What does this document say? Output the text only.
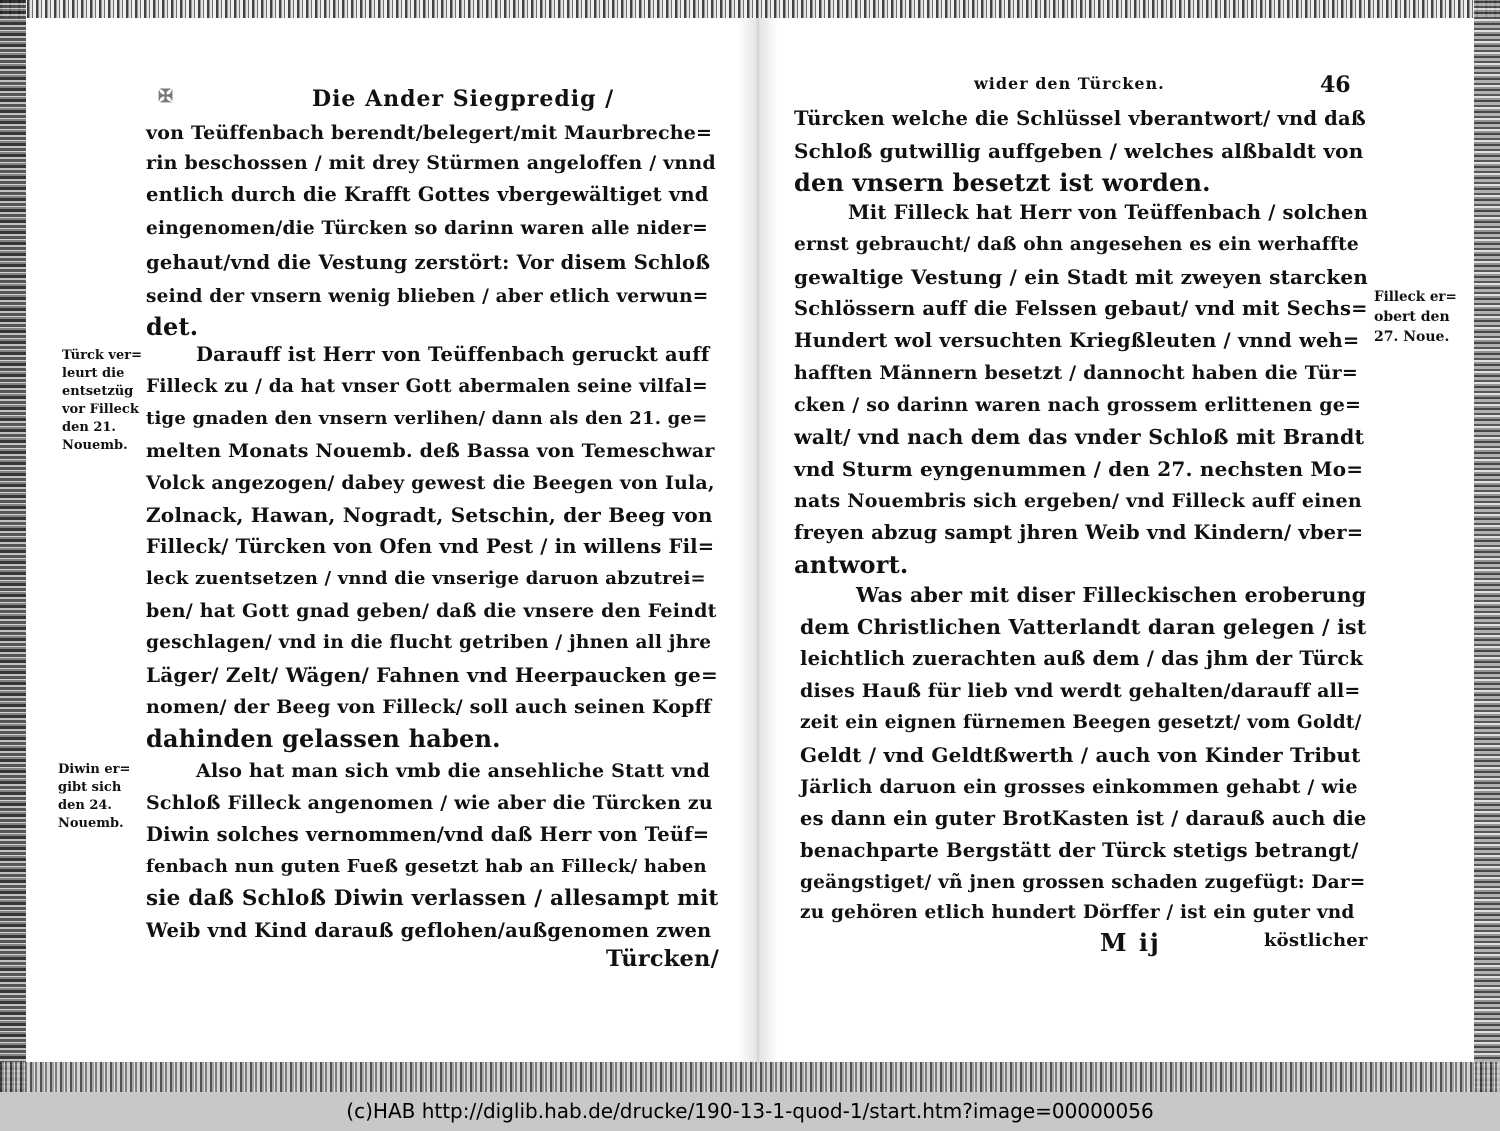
✠	Die Ander Siegpredig /
von Teüffenbach berendt/belegert/mit Maurbreche=
rin beschossen / mit drey Stürmen angeloffen / vnnd
entlich durch die Krafft Gottes vbergewältiget vnd
eingenomen/die Türcken so darinn waren alle nider=
gehaut/vnd die Vestung zerstört: Vor disem Schloß
seind der vnsern wenig blieben / aber etlich verwun=
det.
Darauff ist Herr von Teüffenbach geruckt auff
Filleck zu / da hat vnser Gott abermalen seine vilfal=
tige gnaden den vnsern verlihen/ dann als den 21. ge=
melten Monats Nouemb. deß Bassa von Temeschwar
Volck angezogen/ dabey gewest die Beegen von Iula,
Zolnack, Hawan, Nogradt, Setschin, der Beeg von
Filleck/ Türcken von Ofen vnd Pest / in willens Fil=
leck zuentsetzen / vnnd die vnserige daruon abzutrei=
ben/ hat Gott gnad geben/ daß die vnsere den Feindt
geschlagen/ vnd in die flucht getriben / jhnen all jhre
Läger/ Zelt/ Wägen/ Fahnen vnd Heerpaucken ge=
nomen/ der Beeg von Filleck/ soll auch seinen Kopff
dahinden gelassen haben.
Also hat man sich vmb die ansehliche Statt vnd
Schloß Filleck angenomen / wie aber die Türcken zu
Diwin solches vernommen/vnd daß Herr von Teüf=
fenbach nun guten Fueß gesetzt hab an Filleck/ haben
sie daß Schloß Diwin verlassen / allesampt mit
Weib vnd Kind darauß geflohen/außgenomen zwen
Türcken/
Türck ver=
leurt die
entsetzüg
vor Filleck
den 21.
Nouemb.
Diwin er=
gibt sich
den 24.
Nouemb.
wider den Türcken.	46
Türcken welche die Schlüssel vberantwort/ vnd daß
Schloß gutwillig auffgeben / welches alßbaldt von
den vnsern besetzt ist worden.
Mit Filleck hat Herr von Teüffenbach / solchen
ernst gebraucht/ daß ohn angesehen es ein werhaffte
gewaltige Vestung / ein Stadt mit zweyen starcken
Schlössern auff die Felssen gebaut/ vnd mit Sechs=
Hundert wol versuchten Kriegßleuten / vnnd weh=
hafften Männern besetzt / dannocht haben die Tür=
cken / so darinn waren nach grossem erlittenen ge=
walt/ vnd nach dem das vnder Schloß mit Brandt
vnd Sturm eyngenummen / den 27. nechsten Mo=
nats Nouembris sich ergeben/ vnd Filleck auff einen
freyen abzug sampt jhren Weib vnd Kindern/ vber=
antwort.
Was aber mit diser Filleckischen eroberung
dem Christlichen Vatterlandt daran gelegen / ist
leichtlich zuerachten auß dem / das jhm der Türck
dises Hauß für lieb vnd werdt gehalten/darauff all=
zeit ein eignen fürnemen Beegen gesetzt/ vom Goldt/
Geldt / vnd Geldtßwerth / auch von Kinder Tribut
Järlich daruon ein grosses einkommen gehabt / wie
es dann ein guter BrotKasten ist / darauß auch die
benachparte Bergstätt der Türck stetigs betrangt/
geängstiget/ vñ jnen grossen schaden zugefügt: Dar=
zu gehören etlich hundert Dörffer / ist ein guter vnd
M ij	köstlicher
Filleck er=
obert den
27. Noue.
(c)HAB http://diglib.hab.de/drucke/190-13-1-quod-1/start.htm?image=00000056
